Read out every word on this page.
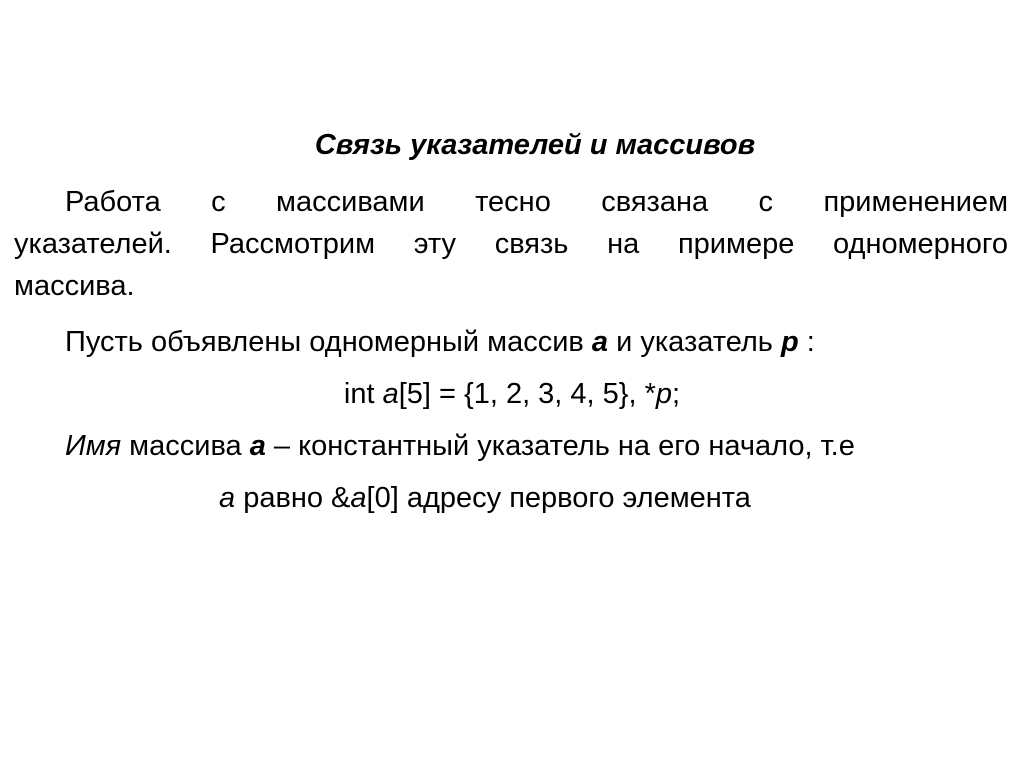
Связь указателей и массивов
Работа с массивами тесно связана с применением
указателей. Рассмотрим эту связь на примере одномерного
массива.
Пусть объявлены одномерный массив a и указатель p :
int a[5] = {1, 2, 3, 4, 5}, *p;
Имя массива а – константный указатель на его начало, т.е
a равно &a[0] адресу первого элемента
